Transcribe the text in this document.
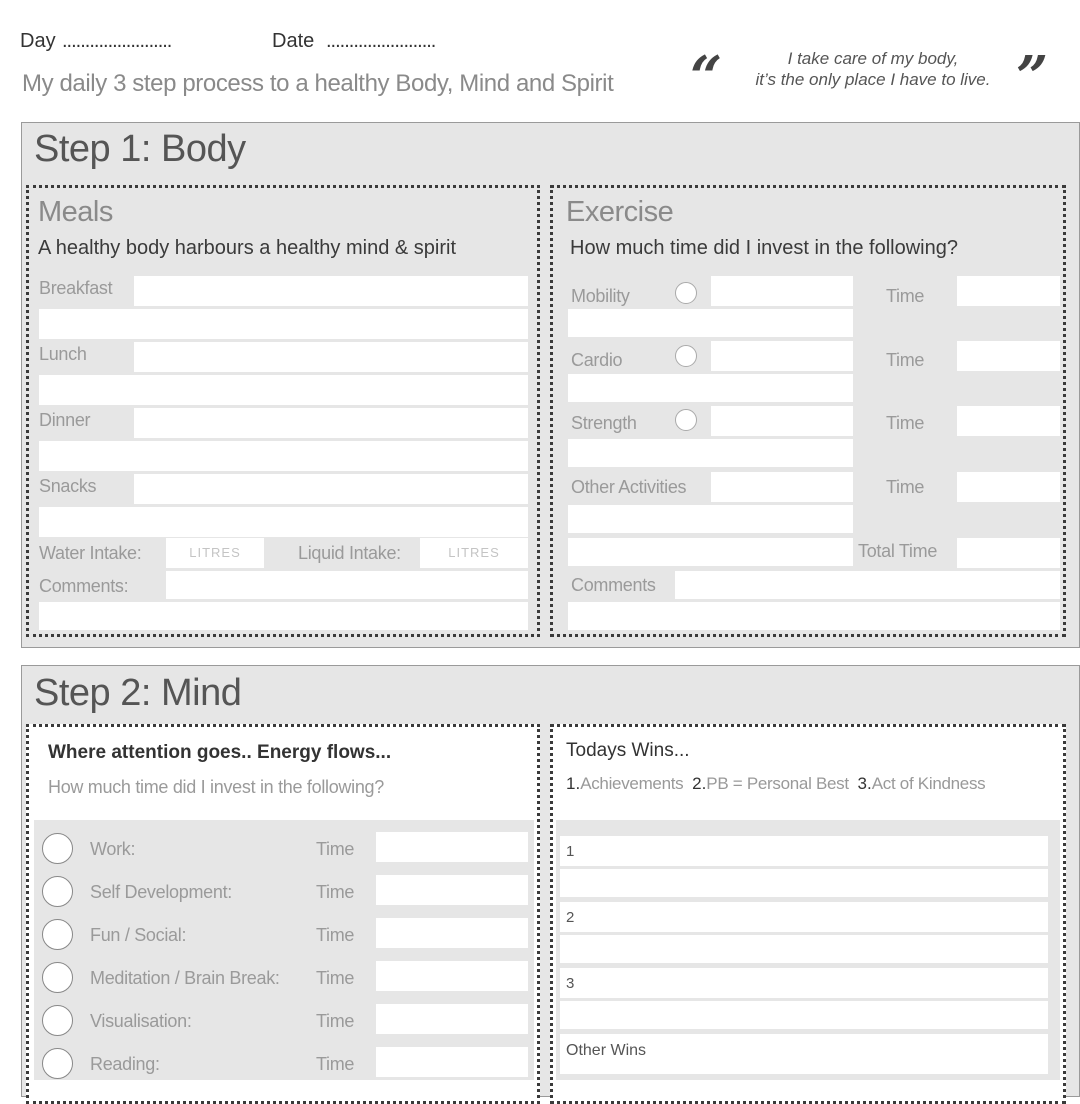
Day ........................	Date ........................
My daily 3 step process to a healthy Body, Mind and Spirit “	I take care of my body,
it’s the only place I have to live. ”
Step 1: Body
Meals
A healthy body harbours a healthy mind & spirit
Breakfast
Lunch
Dinner
Snacks
Water Intake:	LITRES	Liquid Intake:	LITRES
Comments:
Exercise
How much time did I invest in the following?
Mobility	Time
Cardio	Time
Strength	Time
Other Activities	Time
Total Time
Comments
Step 2: Mind
Where attention goes.. Energy flows...
How much time did I invest in the following?
Work:	Time
Self Development:	Time
Fun / Social:	Time
Meditation / Brain Break: Time
Visualisation:	Time
Reading:	Time
Todays Wins...
1.Achievements 2.PB = Personal Best 3.Act of Kindness
1
2
3
Other Wins
